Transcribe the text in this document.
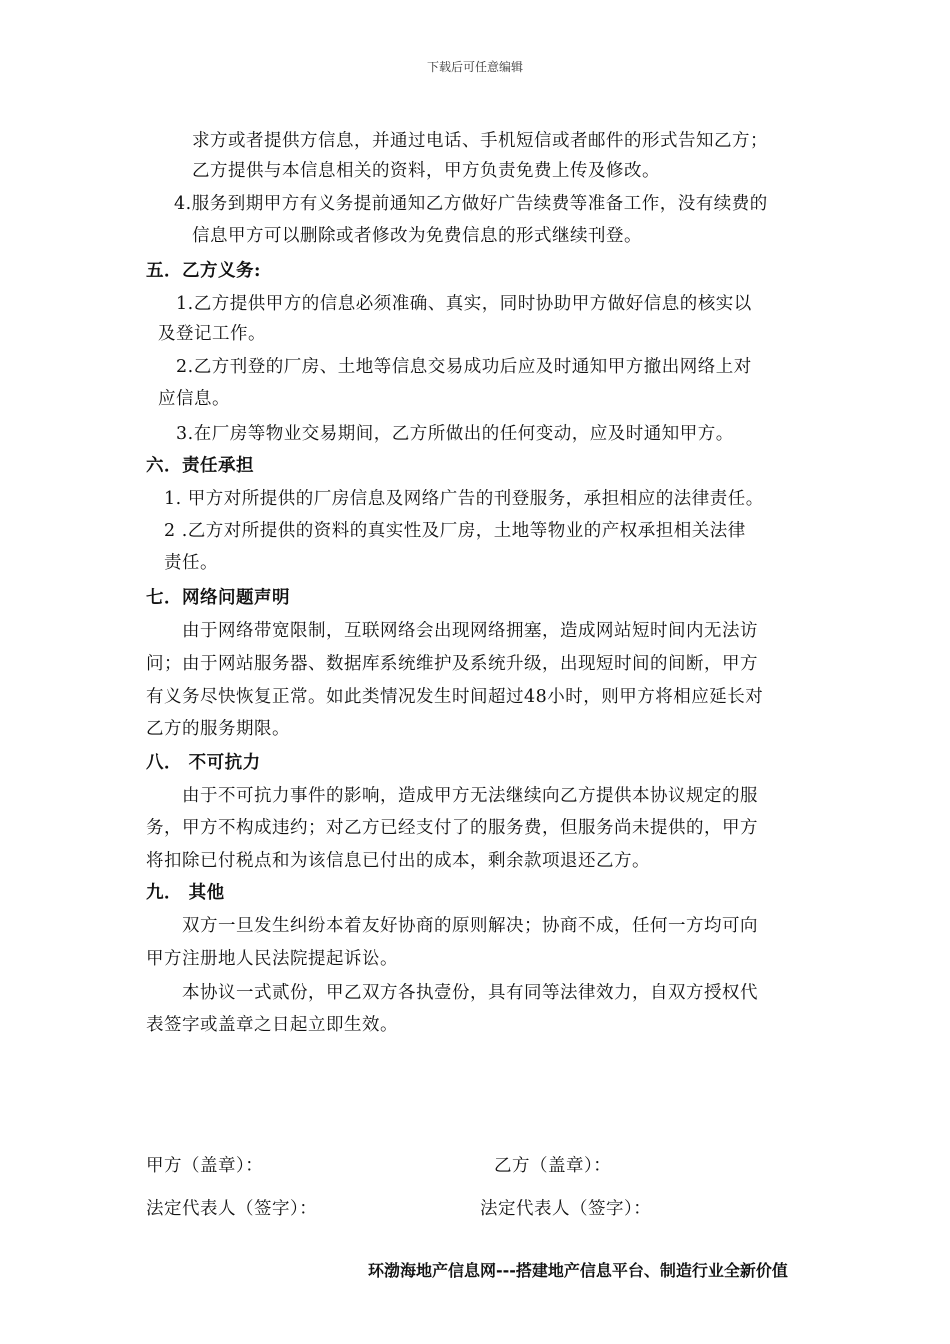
下载后可任意编辑
求方或者提供方信息，并通过电话、手机短信或者邮件的形式告知乙方；
乙方提供与本信息相关的资料，甲方负责免费上传及修改。
4.服务到期甲方有义务提前通知乙方做好广告续费等准备工作，没有续费的
信息甲方可以删除或者修改为免费信息的形式继续刊登。
五．乙方义务:
1.乙方提供甲方的信息必须准确、真实，同时协助甲方做好信息的核实以
及登记工作。
2.乙方刊登的厂房、土地等信息交易成功后应及时通知甲方撤出网络上对
应信息。
3.在厂房等物业交易期间，乙方所做出的任何变动，应及时通知甲方。
六．责任承担
1. 甲方对所提供的厂房信息及网络广告的刊登服务，承担相应的法律责任。
2 .乙方对所提供的资料的真实性及厂房，土地等物业的产权承担相关法律
责任。
七．网络问题声明
由于网络带宽限制，互联网络会出现网络拥塞，造成网站短时间内无法访
问；由于网站服务器、数据库系统维护及系统升级，出现短时间的间断，甲方
有义务尽快恢复正常。如此类情况发生时间超过48小时，则甲方将相应延长对
乙方的服务期限。
八． 不可抗力
由于不可抗力事件的影响，造成甲方无法继续向乙方提供本协议规定的服
务，甲方不构成违约；对乙方已经支付了的服务费，但服务尚未提供的，甲方
将扣除已付税点和为该信息已付出的成本，剩余款项退还乙方。
九． 其他
双方一旦发生纠纷本着友好协商的原则解决；协商不成，任何一方均可向
甲方注册地人民法院提起诉讼。
本协议一式贰份，甲乙双方各执壹份，具有同等法律效力，自双方授权代
表签字或盖章之日起立即生效。
甲方（盖章）：	乙方（盖章）：
法定代表人（签字）：	法定代表人（签字）：
环渤海地产信息网---搭建地产信息平台、制造行业全新价值
